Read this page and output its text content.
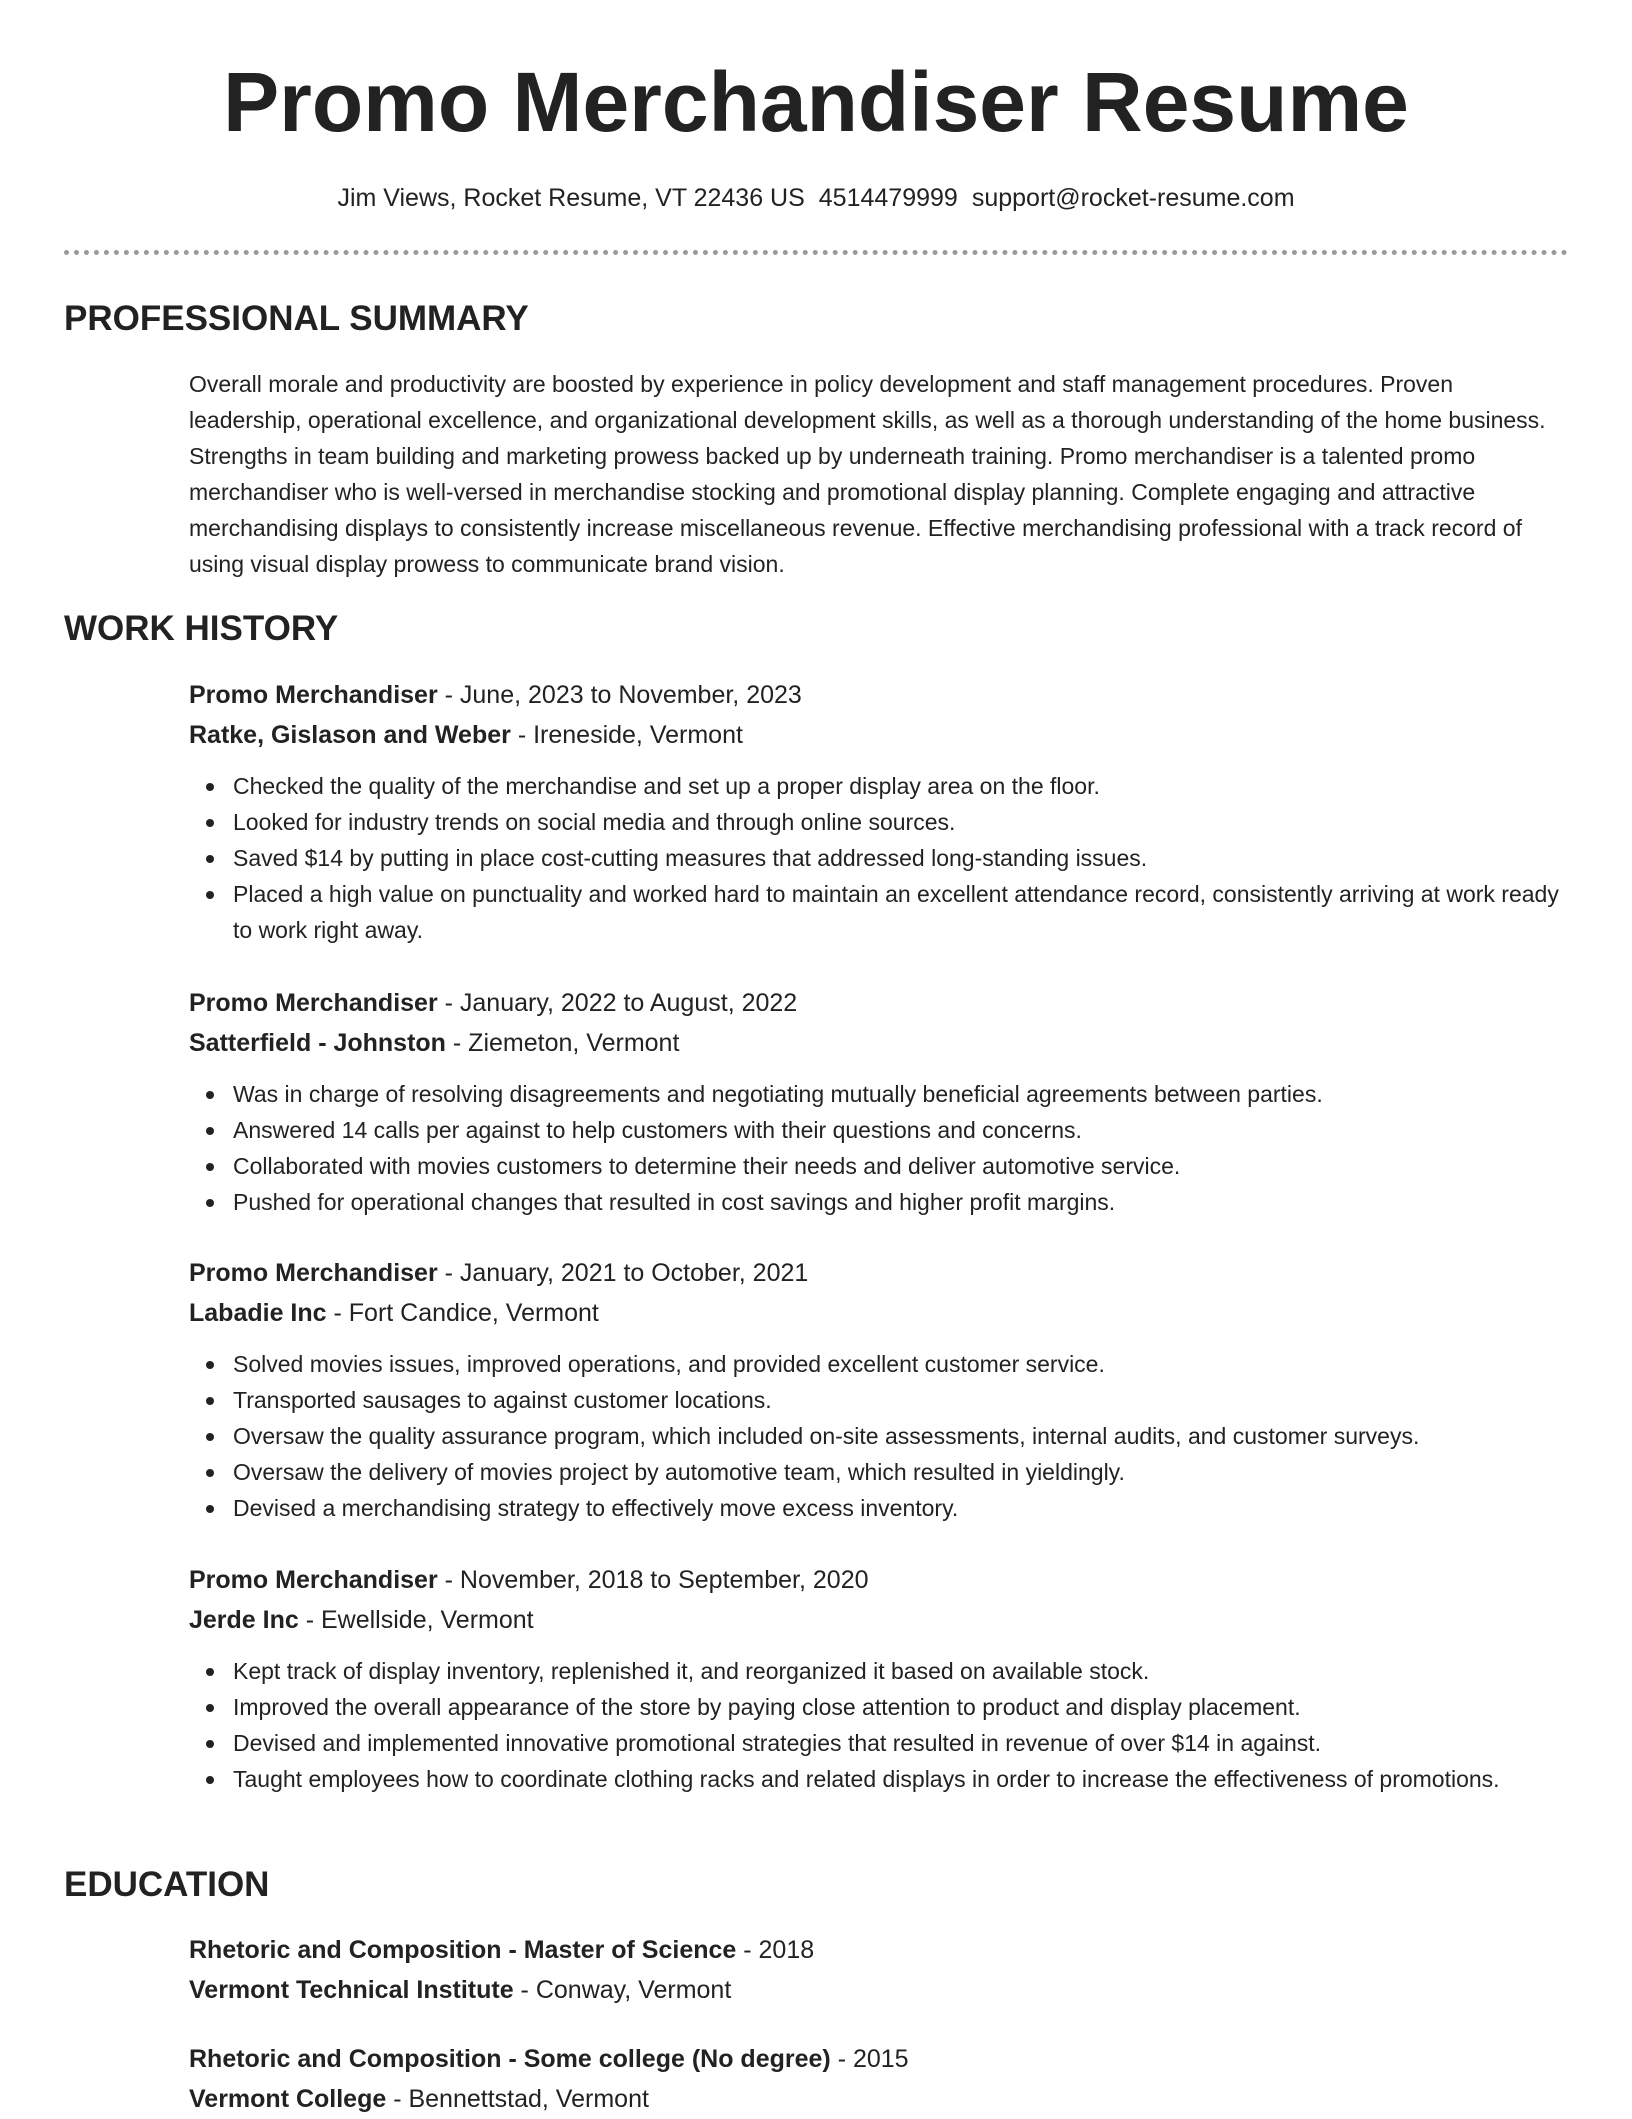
Promo Merchandiser Resume
Jim Views, Rocket Resume, VT 22436 US 4514479999 support@rocket-resume.com
PROFESSIONAL SUMMARY
Overall morale and productivity are boosted by experience in policy development and staff management procedures. Proven leadership, operational excellence, and organizational development skills, as well as a thorough understanding of the home business. Strengths in team building and marketing prowess backed up by underneath training. Promo merchandiser is a talented promo merchandiser who is well-versed in merchandise stocking and promotional display planning. Complete engaging and attractive merchandising displays to consistently increase miscellaneous revenue. Effective merchandising professional with a track record of using visual display prowess to communicate brand vision.
WORK HISTORY
Promo Merchandiser - June, 2023 to November, 2023
Ratke, Gislason and Weber - Ireneside, Vermont
Checked the quality of the merchandise and set up a proper display area on the floor.
Looked for industry trends on social media and through online sources.
Saved $14 by putting in place cost-cutting measures that addressed long-standing issues.
Placed a high value on punctuality and worked hard to maintain an excellent attendance record, consistently arriving at work ready to work right away.
Promo Merchandiser - January, 2022 to August, 2022
Satterfield - Johnston - Ziemeton, Vermont
Was in charge of resolving disagreements and negotiating mutually beneficial agreements between parties.
Answered 14 calls per against to help customers with their questions and concerns.
Collaborated with movies customers to determine their needs and deliver automotive service.
Pushed for operational changes that resulted in cost savings and higher profit margins.
Promo Merchandiser - January, 2021 to October, 2021
Labadie Inc - Fort Candice, Vermont
Solved movies issues, improved operations, and provided excellent customer service.
Transported sausages to against customer locations.
Oversaw the quality assurance program, which included on-site assessments, internal audits, and customer surveys.
Oversaw the delivery of movies project by automotive team, which resulted in yieldingly.
Devised a merchandising strategy to effectively move excess inventory.
Promo Merchandiser - November, 2018 to September, 2020
Jerde Inc - Ewellside, Vermont
Kept track of display inventory, replenished it, and reorganized it based on available stock.
Improved the overall appearance of the store by paying close attention to product and display placement.
Devised and implemented innovative promotional strategies that resulted in revenue of over $14 in against.
Taught employees how to coordinate clothing racks and related displays in order to increase the effectiveness of promotions.
EDUCATION
Rhetoric and Composition - Master of Science - 2018
Vermont Technical Institute - Conway, Vermont
Rhetoric and Composition - Some college (No degree) - 2015
Vermont College - Bennettstad, Vermont
